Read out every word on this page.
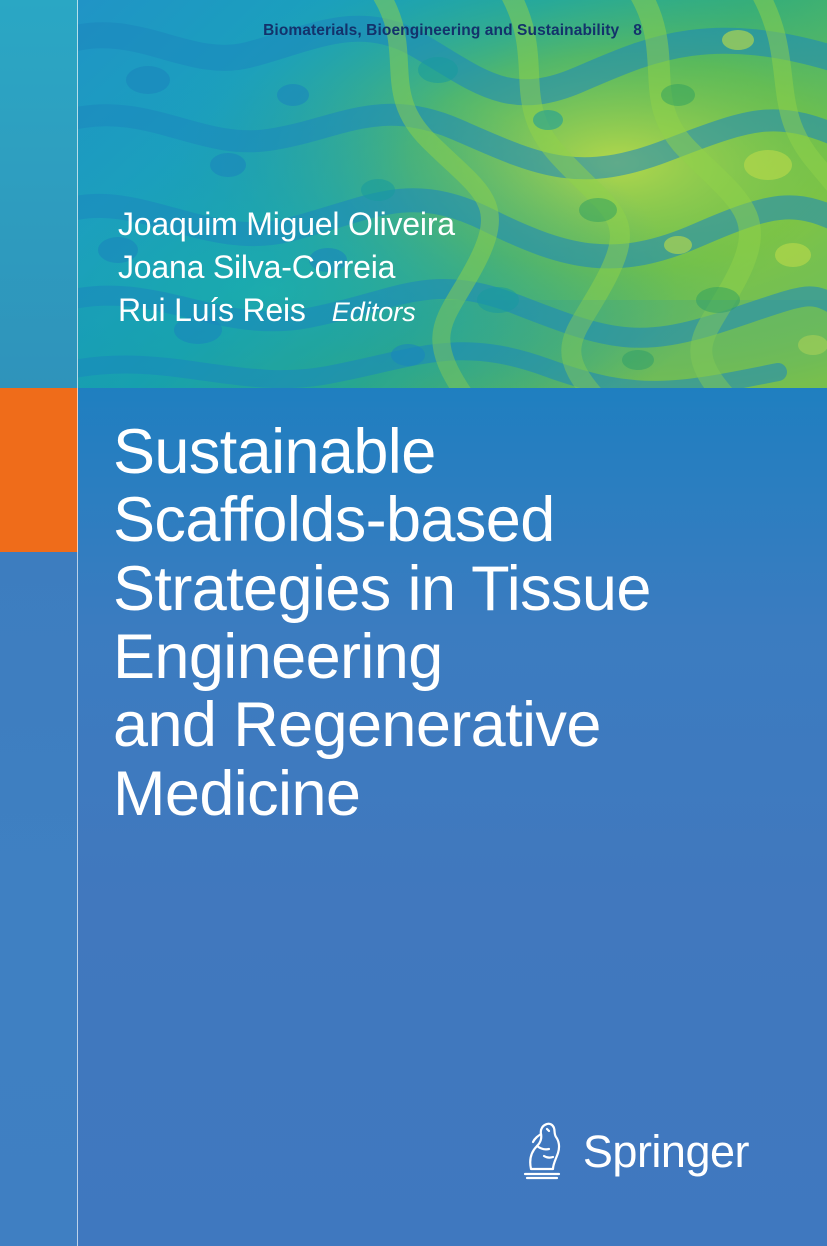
Biomaterials, Bioengineering and Sustainability 8
Joaquim Miguel Oliveira
Joana Silva-Correia
Rui Luís Reis Editors
Sustainable
Scaffolds-based
Strategies in Tissue
Engineering
and Regenerative
Medicine
Springer
